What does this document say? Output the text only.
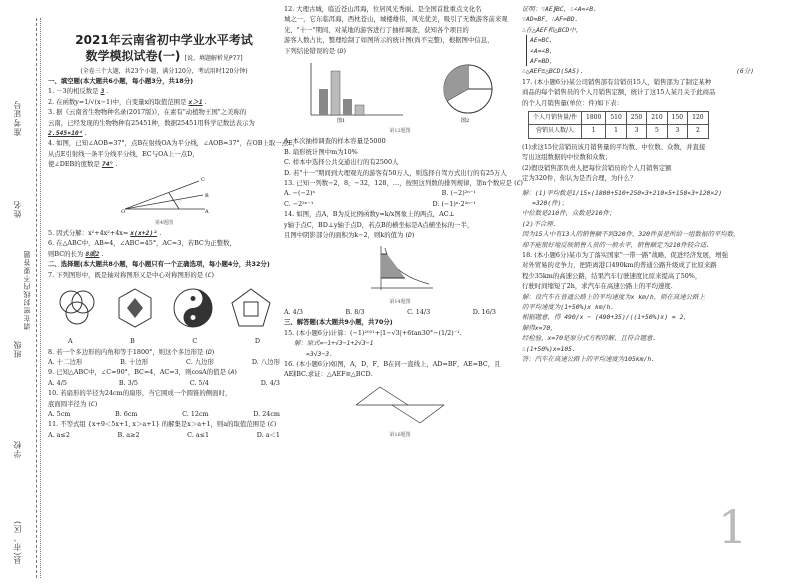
准考证号
姓名
请在密封线内不要答题
班级
学校
县(市、区)
2021年云南省初中学业水平考试
数学模拟试卷(一) [说、填题解析见P77]
(全卷三个大题，共23个小题，满分120分，考试用时120分钟)

一、填空题(本大题共6小题，每小题3分，共18分)

1. －3的相反数是 3 .

2. 在函数y=1/√(x−1)中，自变量x的取值范围是 x＞1 .

3. 据《云南省生物物种名录(2017版)》，在素有"动植物王国"之美称的

云南，已经发现的生物物种有25451种，数据25451用科学记数法表示为

2.545×10⁴ .

4. 如图，已知∠AOB=37°，点B在射线OA为平分线，∠AOB=37°，在OB上取一点E，

从点E引射线一条平分线平分线，EC与OA上一点D，

使∠DEB的度数是 74° .

O
C
B
A
第4题图

5. 因式分解：x²+4x²+4x= x(x+2)² .

6. 在△ABC中，AB=4，∠ABC=45°，AC=3，若BC为正整数，

则BC的长为 8或2 .

二、选择题(本大题共8小题，每小题只有一个正确选项，每小题4分，共32分)

7. 下列图形中，既是轴对称图形又是中心对称图形的是 (C)

A	B	C	D

8. 若一个多边形的内角和等于1800°，则这个多边形是 (D)

A. 十二边形	B. 十边形	C. 九边形	D. 八边形

9. 已知△ABC中，∠C=90°，BC=4，AC=3，则cosA的值是 (A)

A. 4/5	B. 3/5	C. 5/4	D. 4/3

10. 若扇形的半径为24cm的扇形，当它围成一个圆锥的侧面时，

底面圆半径为 (C)

A. 5cm	B. 6cm	C. 12cm	D. 24cm

11. 不等式组 {x+9＜5x+1, x＞a+1} 的解集是x＞a+1，则a的取值范围是 (C)

A. a≤2	B. a≥2	C. a≤1	D. a＜1

12. 大理古城，临近苍山洱海，位居风光秀丽、是全国首批重点文化名

城之一，它东临洱海，西枕苍山，城楼雄伟，风光优美，吸引了无数游客前来观

光，"十一"期间，对某地的游客进行了抽样调查，获知各个项目的

游客人数占比，整理绘制了如图所示的统计图(尚不完整)，根据图中信息，

下列结论错误的是 (D)

图1	图2
第12题图

A. 本次抽样调查的样本容量是5000

B. 扇形统计图中m为10%

C. 样本中选择公共交通出行的有2500人

D. 若"十一"期间到大理观光的游客有50万人，则选择自驾方式出行的有25万人

13. 已知一列数−2，8，−32，128，…，按照这列数的排列规律，第n个数应是 (C)

A. −(−2)ⁿ	B. (−2)²ⁿ⁻¹
C. −2²ⁿ⁻¹	D. (−1)ⁿ·2²ⁿ⁻¹

14. 如图，点A，B为反比例函数y=k/x图象上的两点，AC⊥

y轴于点C，BD⊥y轴于点D，若点B的横坐标是A点横坐标的一半，

且图中阴影部分的面积为k−2，则k的值为 (D)

第14题图
A. 4/3	B. 8/3	C. 14/3	D. 16/3

三、解答题(本大题共9小题，共70分)

15. (本小题6分)计算：(−1)²⁰²¹+|1−√3|+6tan30°−(1/2)⁻¹.

解：原式=−1+√3−1+2√3−1

=3√3−3.

16. (本小题6分)如图，A，D，F，B在同一直线上，AD=BF，AE=BC，且

AE∥BC.求证：△AEF≌△BCD.

第16题图

证明：∵AE∥BC，∴∠A=∠B.

∵AD=BF，∴AF=BD.

∴在△AEF和△BCD中，

AE=BC，

∠A=∠B，

AF=BD，

∴△AEF≌△BCD(SAS).	(6分)

17. (本小题6分)某公司销售部有营销员15人，销售部为了制定某种

商品的每个销售员的个人月销售定额，统计了这15人某月关于此商品

的个人月销售量(单位：件)如下表：

个人月销售量/件	1800	510	250	210	150	120
营销员人数/人	1	1	3	5	3	2

(1)求这15位营销员该月销售量的平均数、中位数、众数，并直接

写出这组数据的中位数和众数；

(2)假设销售部负责人把每位营销员的个人月销售定额

定为320件，你认为是否合理，为什么？

解：(1)平均数是1/15×(1800+510+250×3+210×5+150×3+120×2)

=320(件)；

中位数是210件，众数是210件；

(2)不合理.

因为15人中有13人的销售额不到320件，320件虽是所给一组数据的平均数，

却不能很好地反映销售人员的一般水平，销售额定为210件较合适.

18. (本小题6分)某市为了落实国家"一带一路"战略，促进经济发展，增强

对外贸易的竞争力，把距离港口490km的普通公路升级成了比原来路

程少35km的高速公路，结果汽车行驶速度比原来提高了50%，

行驶时间缩短了2h，求汽车在高速公路上的平均速度.

解：设汽车在普通公路上的平均速度为x km/h，则在高速公路上

的平均速度为(1+50%)x km/h.

根据题意，得 490/x − (490+35)/((1+50%)x) = 2，

解得x=70，

经检验，x=70是原分式方程的解，且符合题意.

∴(1+50%)x=105.

答：汽车在高速公路上的平均速度为105km/h.

1
